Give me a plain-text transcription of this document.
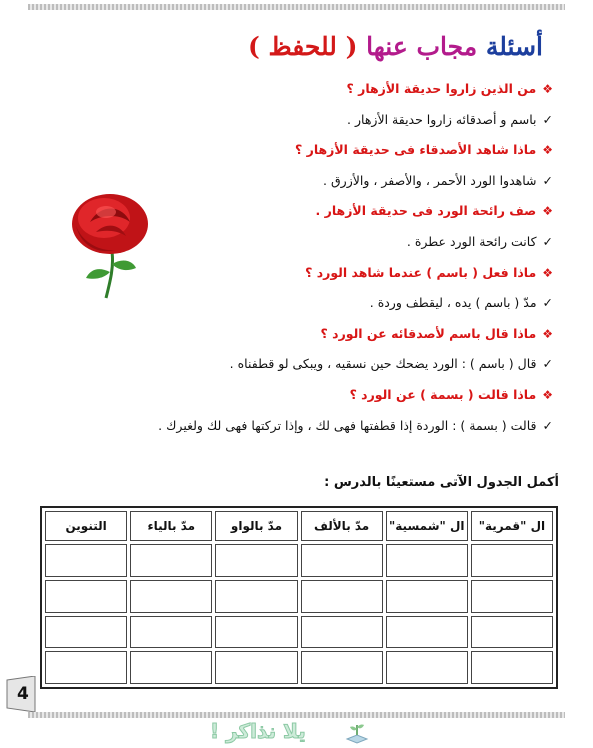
أسئلة مجاب عنها ( للحفظ )
❖من الذين زاروا حديقة الأزهار ؟
✓باسم و أصدقائه زاروا حديقة الأزهار .
❖ماذا شاهد الأصدقاء فى حديقة الأزهار ؟
✓شاهدوا الورد الأحمر ، والأصفر ، والأزرق .
❖صف رائحة الورد فى حديقة الأزهار .
✓كانت رائحة الورد عطرة .
❖ماذا فعل ( باسم ) عندما شاهد الورد ؟
✓مدّ ( باسم ) يده ، ليقطف وردة .
❖ماذا قال باسم لأصدقائه عن الورد ؟
✓قال ( باسم ) : الورد يضحك حين نسقيه ، ويبكى لو قطفناه .
❖ماذا قالت ( بسمة ) عن الورد ؟
✓قالت ( بسمة ) : الوردة إذا قطفتها فهى لك ، وإذا تركتها فهى لك ولغيرك .
أكمل الجدول الآتى مستعينًا بالدرس :
ال "قمرية"	ال "شمسية"	مدّ بالألف	مدّ بالواو	مدّ بالياء	التنوين

4
يلا نذاكر !
